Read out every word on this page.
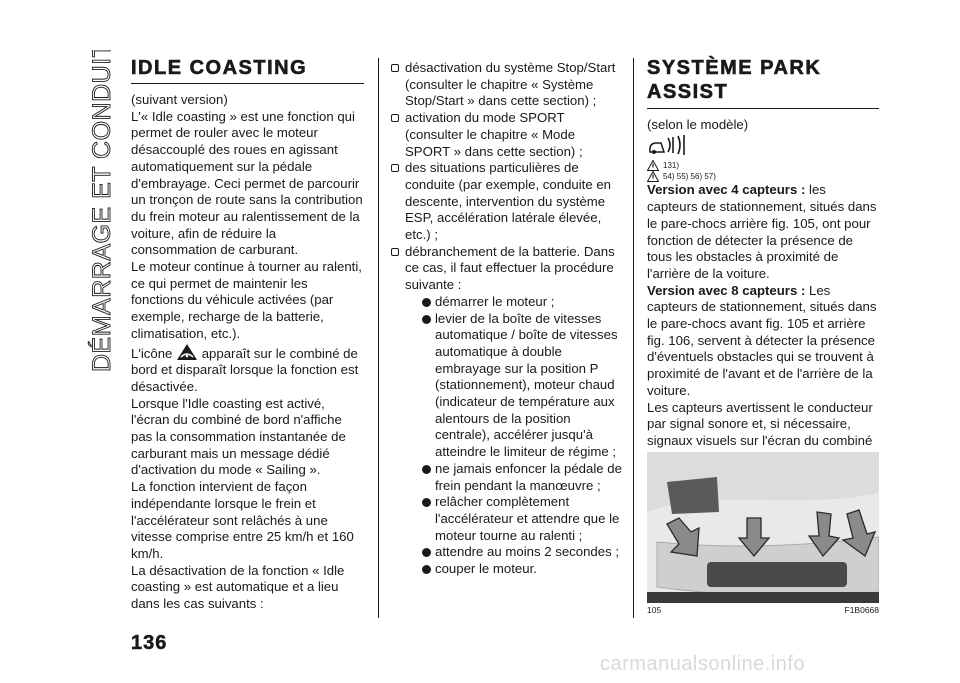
DÉMARRAGE ET CONDUITE IDLE COASTING

(suivant version)

L'« Idle coasting » est une fonction qui permet de rouler avec le moteur désaccouplé des roues en agissant automatiquement sur la pédale d'embrayage. Ceci permet de parcourir un tronçon de route sans la contribution du frein moteur au ralentissement de la voiture, afin de réduire la consommation de carburant.

Le moteur continue à tourner au ralenti, ce qui permet de maintenir les fonctions du véhicule activées (par exemple, recharge de la batterie, climatisation, etc.).

L'icône  apparaît sur le combiné de bord et disparaît lorsque la fonction est désactivée.

Lorsque l'Idle coasting est activé, l'écran du combiné de bord n'affiche pas la consommation instantanée de carburant mais un message dédié d'activation du mode « Sailing ».

La fonction intervient de façon indépendante lorsque le frein et l'accélérateur sont relâchés à une vitesse comprise entre 25 km/h et 160 km/h.

La désactivation de la fonction « Idle coasting » est automatique et a lieu dans les cas suivants :

désactivation du système Stop/Start (consulter le chapitre « Système Stop/Start » dans cette section) ;
activation du mode SPORT (consulter le chapitre « Mode SPORT » dans cette section) ;
des situations particulières de conduite (par exemple, conduite en descente, intervention du système ESP, accélération latérale élevée, etc.) ;
débranchement de la batterie. Dans ce cas, il faut effectuer la procédure suivante :
démarrer le moteur ;
levier de la boîte de vitesses automatique / boîte de vitesses automatique à double embrayage sur la position P (stationnement), moteur chaud (indicateur de température aux alentours de la position centrale), accélérer jusqu'à atteindre le limiteur de régime ;
ne jamais enfoncer la pédale de frein pendant la manœuvre ;
relâcher complètement l'accélérateur et attendre que le moteur tourne au ralenti ;
attendre au moins 2 secondes ;
couper le moteur.
SYSTÈME PARK
ASSIST

(selon le modèle)

131)
54) 55) 56) 57)

Version avec 4 capteurs : les capteurs de stationnement, situés dans le pare-chocs arrière fig. 105, ont pour fonction de détecter la présence de tous les obstacles à proximité de l'arrière de la voiture.

Version avec 8 capteurs : Les capteurs de stationnement, situés dans le pare-chocs avant fig. 105 et arrière fig. 106, servent à détecter la présence d'éventuels obstacles qui se trouvent à proximité de l'avant et de l'arrière de la voiture.

Les capteurs avertissent le conducteur par signal sonore et, si nécessaire, signaux visuels sur l'écran du combiné

105	F1B0668
136
carmanualsonline.info
